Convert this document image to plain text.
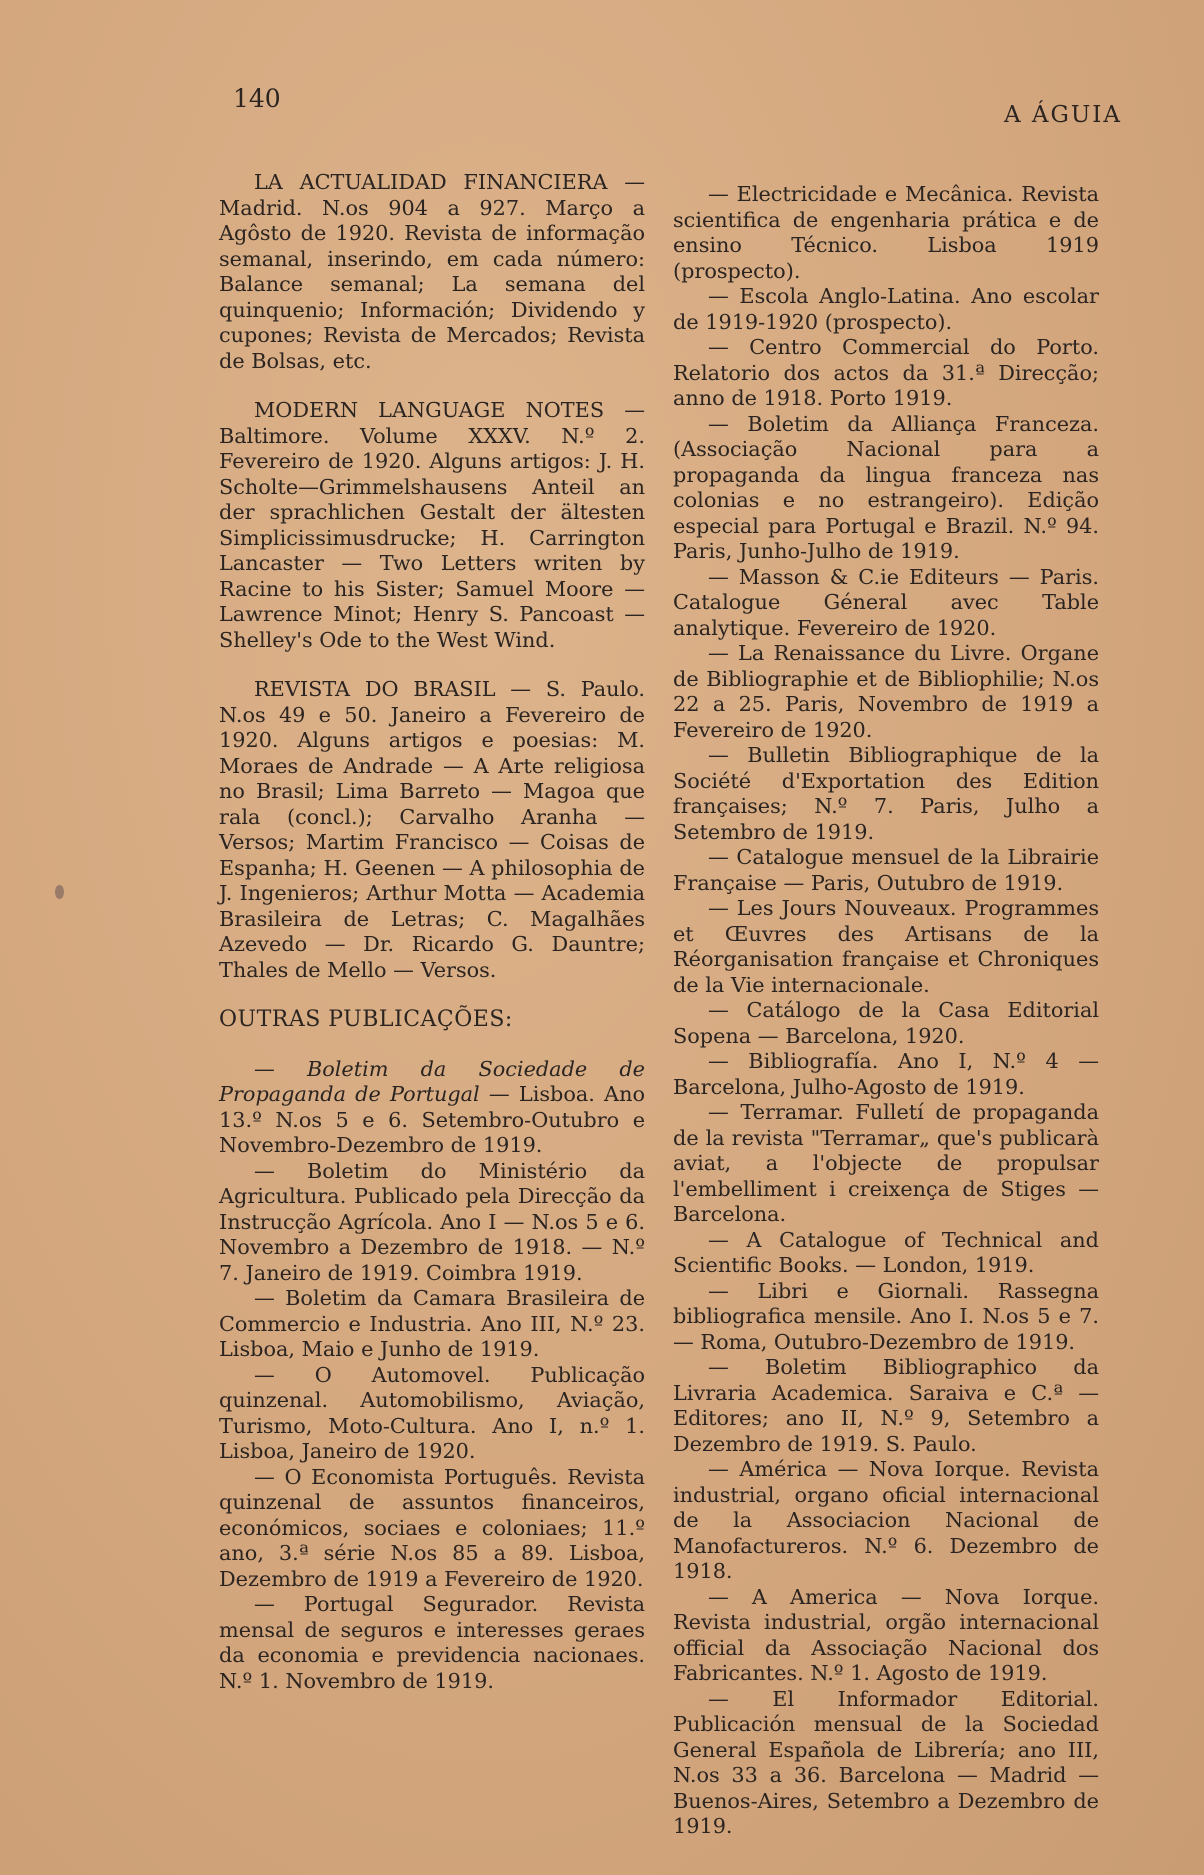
140
A ÁGUIA

LA ACTUALIDAD FINANCIERA — Madrid. N.os 904 a 927. Março a Agôsto de 1920. Revista de informação semanal, inserindo, em cada número: Balance semanal; La semana del quinquenio; Información; Dividendo y cupones; Revista de Mercados; Revista de Bolsas, etc.

MODERN LANGUAGE NOTES — Baltimore. Volume XXXV. N.º 2. Fevereiro de 1920. Alguns artigos: J. H. Scholte—Grimmelshausens Anteil an der sprachlichen Gestalt der ältesten Simplicissimusdrucke; H. Carrington Lancaster — Two Letters writen by Racine to his Sister; Samuel Moore — Lawrence Minot; Henry S. Pancoast — Shelley's Ode to the West Wind.

REVISTA DO BRASIL — S. Paulo. N.os 49 e 50. Janeiro a Fevereiro de 1920. Alguns artigos e poesias: M. Moraes de Andrade — A Arte religiosa no Brasil; Lima Barreto — Magoa que rala (concl.); Carvalho Aranha — Versos; Martim Francisco — Coisas de Espanha; H. Geenen — A philosophia de J. Ingenieros; Arthur Motta — Academia Brasileira de Letras; C. Magalhães Azevedo — Dr. Ricardo G. Dauntre; Thales de Mello — Versos.

OUTRAS PUBLICAÇÕES:

— Boletim da Sociedade de Propaganda de Portugal — Lisboa. Ano 13.º N.os 5 e 6. Setembro-Outubro e Novembro-Dezembro de 1919.

— Boletim do Ministério da Agricultura. Publicado pela Direcção da Instrucção Agrícola. Ano I — N.os 5 e 6. Novembro a Dezembro de 1918. — N.º 7. Janeiro de 1919. Coimbra 1919.

— Boletim da Camara Brasileira de Commercio e Industria. Ano III, N.º 23. Lisboa, Maio e Junho de 1919.

— O Automovel. Publicação quinzenal. Automobilismo, Aviação, Turismo, Moto-Cultura. Ano I, n.º 1. Lisboa, Janeiro de 1920.

— O Economista Português. Revista quinzenal de assuntos financeiros, económicos, sociaes e coloniaes; 11.º ano, 3.ª série N.os 85 a 89. Lisboa, Dezembro de 1919 a Fevereiro de 1920.

— Portugal Segurador. Revista mensal de seguros e interesses geraes da economia e previdencia nacionaes. N.º 1. Novembro de 1919.

— Electricidade e Mecânica. Revista scientifica de engenharia prática e de ensino Técnico. Lisboa 1919 (prospecto).

— Escola Anglo-Latina. Ano escolar de 1919-1920 (prospecto).

— Centro Commercial do Porto. Relatorio dos actos da 31.ª Direcção; anno de 1918. Porto 1919.

— Boletim da Alliança Franceza. (Associação Nacional para a propaganda da lingua franceza nas colonias e no estrangeiro). Edição especial para Portugal e Brazil. N.º 94. Paris, Junho-Julho de 1919.

— Masson & C.ie Editeurs — Paris. Catalogue Géneral avec Table analytique. Fevereiro de 1920.

— La Renaissance du Livre. Organe de Bibliographie et de Bibliophilie; N.os 22 a 25. Paris, Novembro de 1919 a Fevereiro de 1920.

— Bulletin Bibliographique de la Société d'Exportation des Edition françaises; N.º 7. Paris, Julho a Setembro de 1919.

— Catalogue mensuel de la Librairie Française — Paris, Outubro de 1919.

— Les Jours Nouveaux. Programmes et Œuvres des Artisans de la Réorganisation française et Chroniques de la Vie internacionale.

— Catálogo de la Casa Editorial Sopena — Barcelona, 1920.

— Bibliografía. Ano I, N.º 4 — Barcelona, Julho-Agosto de 1919.

— Terramar. Fulletí de propaganda de la revista "Terramar„ que's publicarà aviat, a l'objecte de propulsar l'embelliment i creixença de Stiges — Barcelona.

— A Catalogue of Technical and Scientific Books. — London, 1919.

— Libri e Giornali. Rassegna bibliografica mensile. Ano I. N.os 5 e 7. — Roma, Outubro-Dezembro de 1919.

— Boletim Bibliographico da Livraria Academica. Saraiva e C.ª — Editores; ano II, N.º 9, Setembro a Dezembro de 1919. S. Paulo.

— América — Nova Iorque. Revista industrial, organo oficial internacional de la Associacion Nacional de Manofactureros. N.º 6. Dezembro de 1918.

— A America — Nova Iorque. Revista industrial, orgão internacional official da Associação Nacional dos Fabricantes. N.º 1. Agosto de 1919.

— El Informador Editorial. Publicación mensual de la Sociedad General Española de Librería; ano III, N.os 33 a 36. Barcelona — Madrid — Buenos-Aires, Setembro a Dezembro de 1919.
